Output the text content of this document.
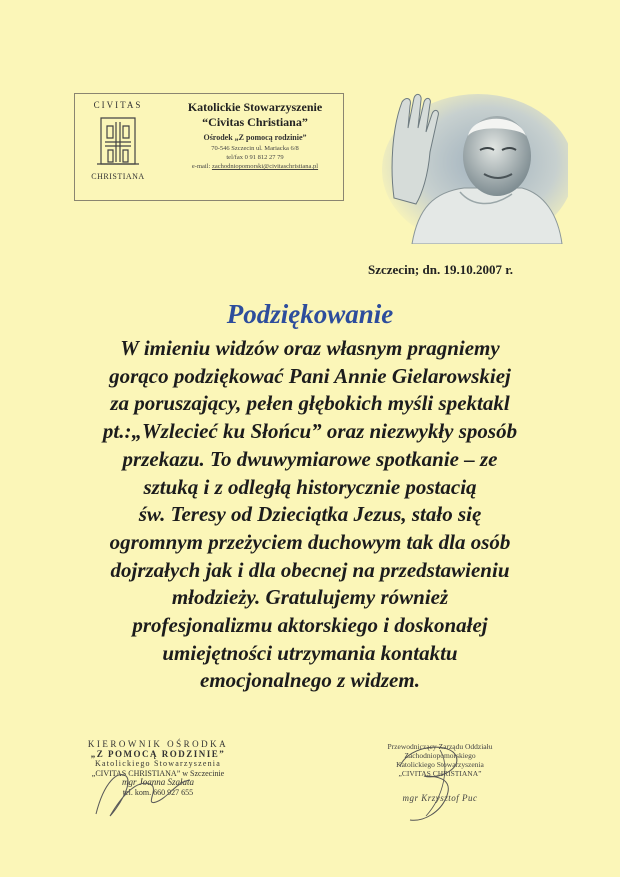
CIVITAS
CHRISTIANA
Katolickie Stowarzyszenie
“Civitas Christiana”
Ośrodek „Z pomocą rodzinie”
70-546 Szczecin ul. Mariacka 6/8
tel/fax 0 91 812 27 79
e-mail: zachodniopomorski@civitaschristiana.pl
Szczecin; dn. 19.10.2007 r.
Podziękowanie
W imieniu widzów oraz własnym pragniemy
gorąco podziękować Pani Annie Gielarowskiej
za poruszający, pełen głębokich myśli spektakl
pt.:„Wzlecieć ku Słońcu” oraz niezwykły sposób
przekazu. To dwuwymiarowe spotkanie – ze
sztuką i z odległą historycznie postacią
św. Teresy od Dzieciątka Jezus, stało się
ogromnym przeżyciem duchowym tak dla osób
dojrzałych jak i dla obecnej na przedstawieniu
młodzieży. Gratulujemy również
profesjonalizmu aktorskiego i doskonałej
umiejętności utrzymania kontaktu
emocjonalnego z widzem.
KIEROWNIK OŚRODKA
„Z POMOCĄ RODZINIE”
Katolickiego Stowarzyszenia
„CIVITAS CHRISTIANA” w Szczecinie
mgr Joanna Szałata
tel. kom. 660 927 655
Przewodniczący Zarządu Oddziału
Zachodniopomorskiego
Katolickiego Stowarzyszenia
„CIVITAS CHRISTIANA”
mgr Krzysztof Puc
